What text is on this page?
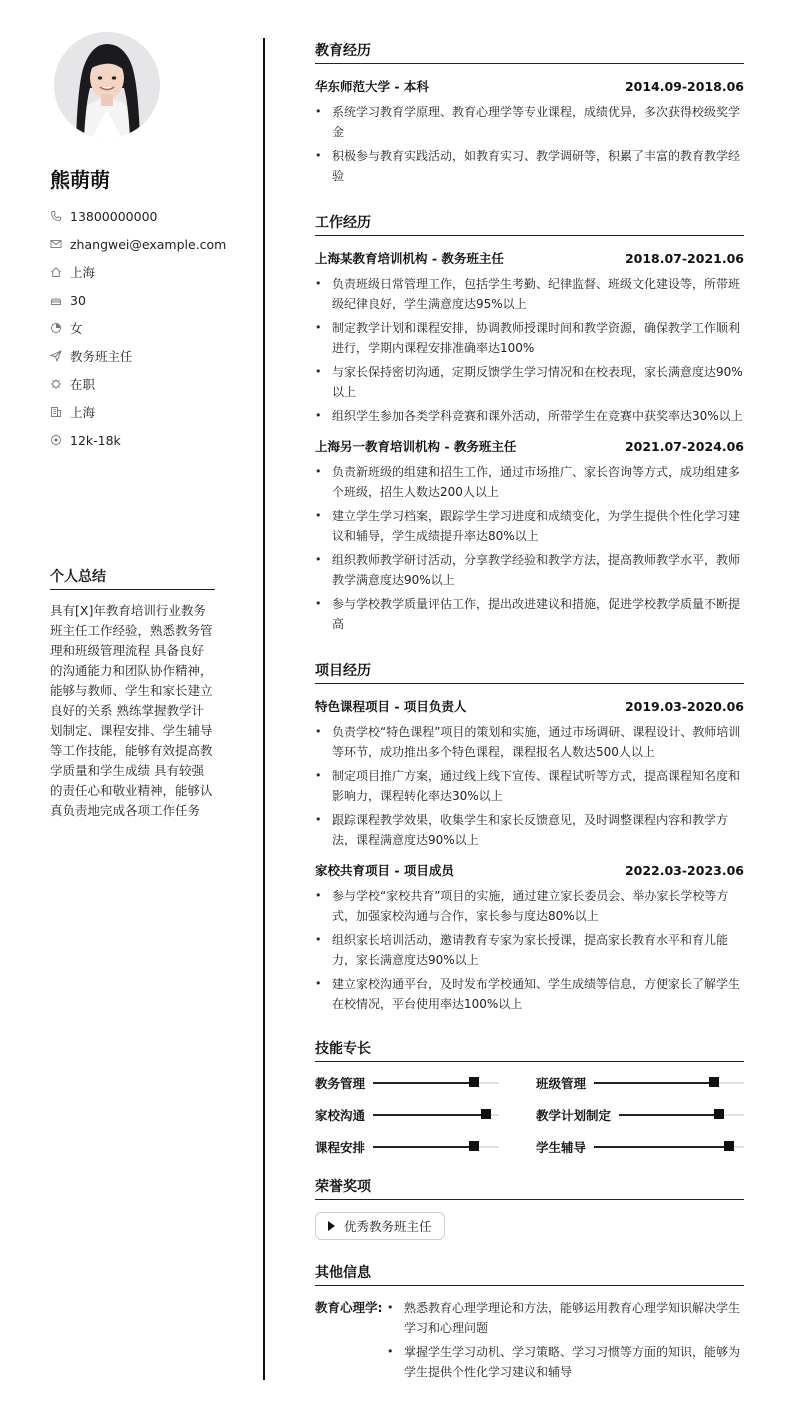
熊萌萌
13800000000
zhangwei@example.com
上海
30
女
教务班主任
在职
上海
12k-18k
个人总结
具有[X]年教育培训行业教务班主任工作经验，熟悉教务管理和班级管理流程 具备良好的沟通能力和团队协作精神，能够与教师、学生和家长建立良好的关系 熟练掌握教学计划制定、课程安排、学生辅导等工作技能，能够有效提高教学质量和学生成绩 具有较强的责任心和敬业精神，能够认真负责地完成各项工作任务
教育经历
华东师范大学 - 本科	2014.09-2018.06
• 系统学习教育学原理、教育心理学等专业课程，成绩优异，多次获得校级奖学金
• 积极参与教育实践活动，如教育实习、教学调研等，积累了丰富的教育教学经验
工作经历
上海某教育培训机构 - 教务班主任	2018.07-2021.06
• 负责班级日常管理工作，包括学生考勤、纪律监督、班级文化建设等，所带班级纪律良好，学生满意度达95%以上
• 制定教学计划和课程安排，协调教师授课时间和教学资源，确保教学工作顺利进行，学期内课程安排准确率达100%
• 与家长保持密切沟通，定期反馈学生学习情况和在校表现，家长满意度达90%以上
• 组织学生参加各类学科竞赛和课外活动，所带学生在竞赛中获奖率达30%以上
上海另一教育培训机构 - 教务班主任	2021.07-2024.06
• 负责新班级的组建和招生工作，通过市场推广、家长咨询等方式，成功组建多个班级，招生人数达200人以上
• 建立学生学习档案，跟踪学生学习进度和成绩变化，为学生提供个性化学习建议和辅导，学生成绩提升率达80%以上
• 组织教师教学研讨活动，分享教学经验和教学方法，提高教师教学水平，教师教学满意度达90%以上
• 参与学校教学质量评估工作，提出改进建议和措施，促进学校教学质量不断提高
项目经历
特色课程项目 - 项目负责人	2019.03-2020.06
• 负责学校“特色课程”项目的策划和实施，通过市场调研、课程设计、教师培训等环节，成功推出多个特色课程，课程报名人数达500人以上
• 制定项目推广方案，通过线上线下宣传、课程试听等方式，提高课程知名度和影响力，课程转化率达30%以上
• 跟踪课程教学效果，收集学生和家长反馈意见，及时调整课程内容和教学方法，课程满意度达90%以上
家校共育项目 - 项目成员	2022.03-2023.06
• 参与学校“家校共育”项目的实施，通过建立家长委员会、举办家长学校等方式，加强家校沟通与合作，家长参与度达80%以上
• 组织家长培训活动，邀请教育专家为家长授课，提高家长教育水平和育儿能力，家长满意度达90%以上
• 建立家校沟通平台，及时发布学校通知、学生成绩等信息，方便家长了解学生在校情况，平台使用率达100%以上
技能专长
教务管理	班级管理
家校沟通	教学计划制定
课程安排	学生辅导
荣誉奖项
优秀教务班主任
其他信息
教育心理学:
•	熟悉教育心理学理论和方法，能够运用教育心理学知识解决学生学习和心理问题
• 掌握学生学习动机、学习策略、学习习惯等方面的知识，能够为学生提供个性化学习建议和辅导
